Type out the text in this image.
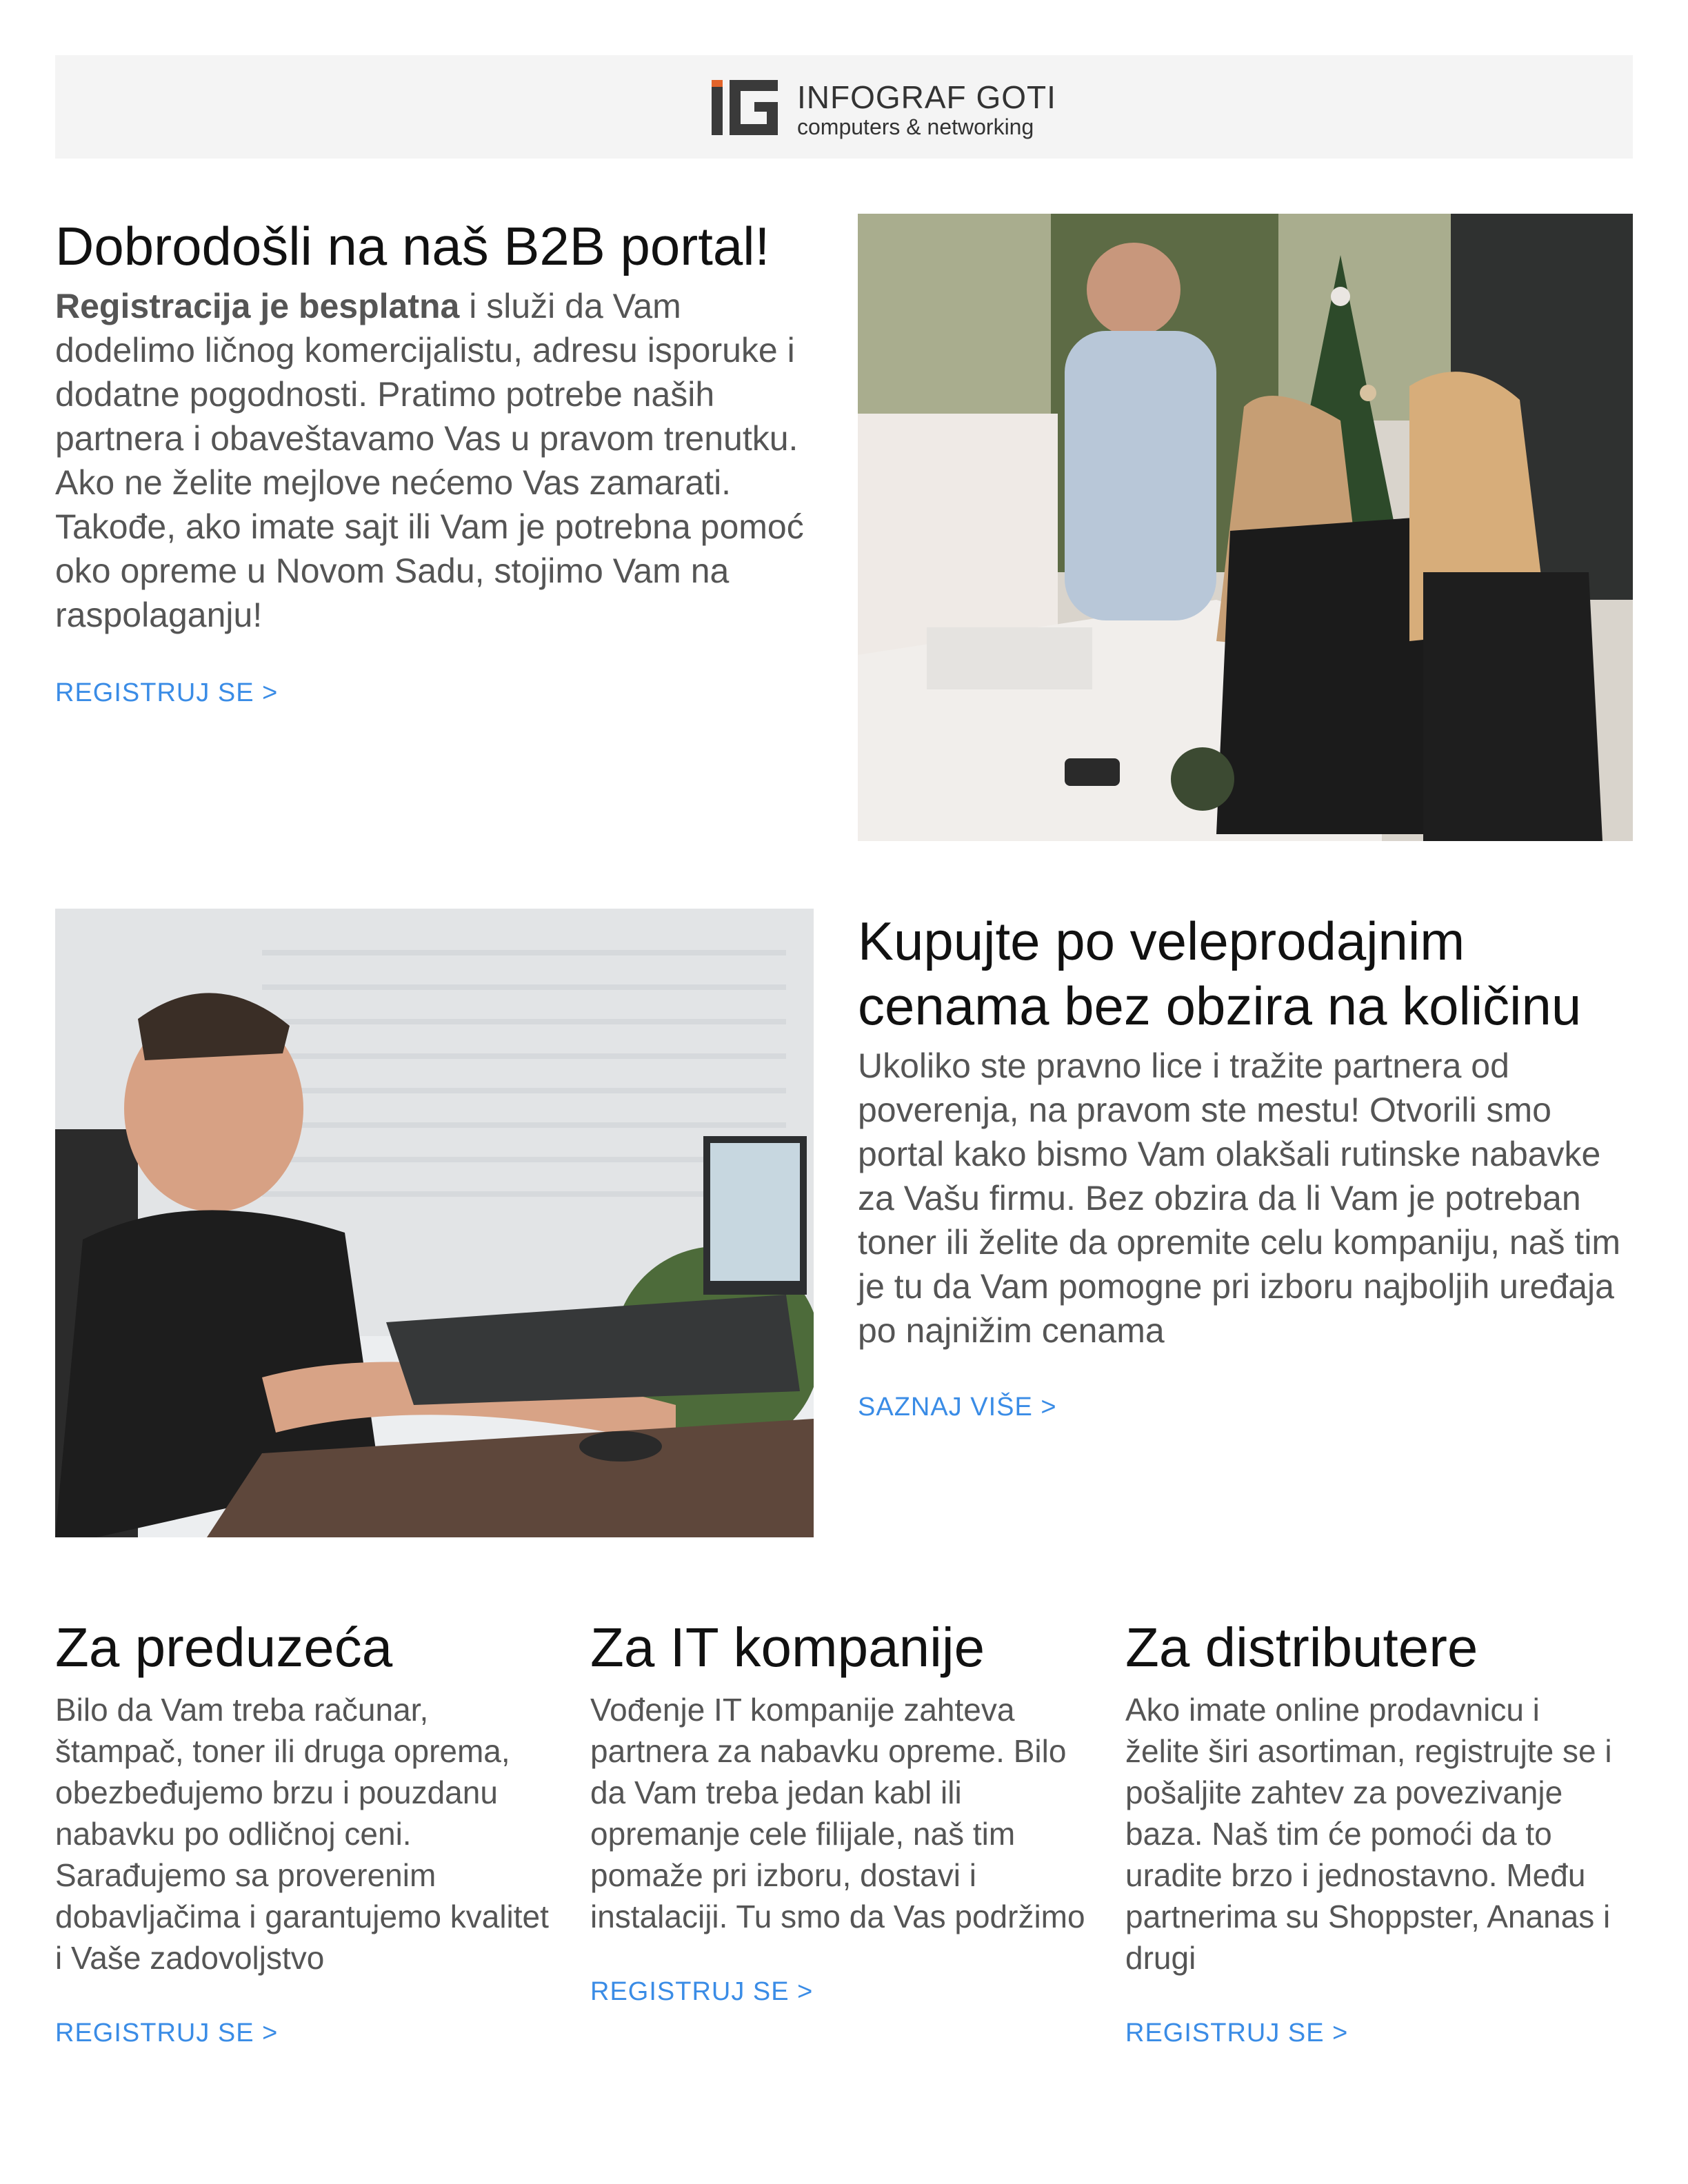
INFOGRAF GOTI
computers & networking
Dobrodošli na naš B2B portal!

Registracija je besplatna i služi da Vam dodelimo ličnog komercijalistu, adresu isporuke i dodatne pogodnosti. Pratimo potrebe naših partnera i obaveštavamo Vas u pravom trenutku. Ako ne želite mejlove nećemo Vas zamarati. Takođe, ako imate sajt ili Vam je potrebna pomoć oko opreme u Novom Sadu, stojimo Vam na raspolaganju!

REGISTRUJ SE >
Kupujte po veleprodajnim cenama bez obzira na količinu

Ukoliko ste pravno lice i tražite partnera od poverenja, na pravom ste mestu! Otvorili smo portal kako bismo Vam olakšali rutinske nabavke za Vašu firmu. Bez obzira da li Vam je potreban toner ili želite da opremite celu kompaniju, naš tim je tu da Vam pomogne pri izboru najboljih uređaja po najnižim cenama

SAZNAJ VIŠE >
Za preduzeća

Bilo da Vam treba računar, štampač, toner ili druga oprema, obezbeđujemo brzu i pouzdanu nabavku po odličnoj ceni. Sarađujemo sa proverenim dobavljačima i garantujemo kvalitet i Vaše zadovoljstvo

REGISTRUJ SE >
Za IT kompanije

Vođenje IT kompanije zahteva partnera za nabavku opreme. Bilo da Vam treba jedan kabl ili opremanje cele filijale, naš tim pomaže pri izboru, dostavi i instalaciji. Tu smo da Vas podržimo

REGISTRUJ SE >
Za distributere

Ako imate online prodavnicu i želite širi asortiman, registrujte se i pošaljite zahtev za povezivanje baza. Naš tim će pomoći da to uradite brzo i jednostavno. Među partnerima su Shoppster, Ananas i drugi

REGISTRUJ SE >
